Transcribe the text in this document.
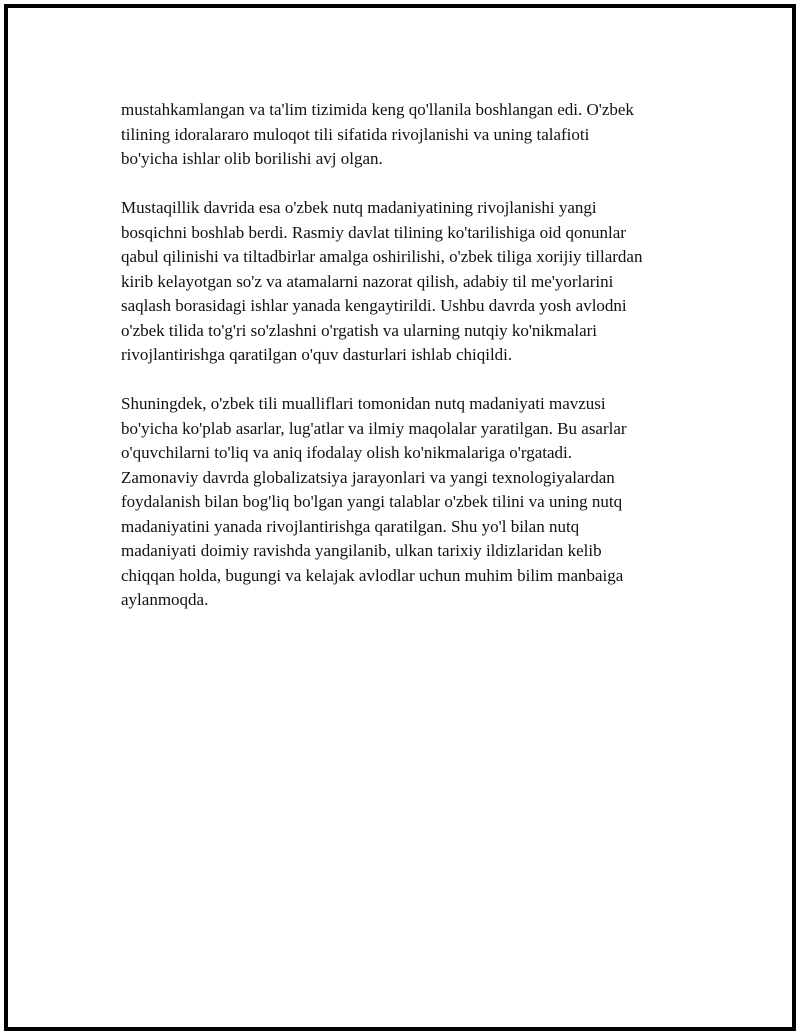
mustahkamlangan va ta'lim tizimida keng qo'llanila boshlangan edi. O'zbek
tilining idoralararo muloqot tili sifatida rivojlanishi va uning talafioti
bo'yicha ishlar olib borilishi avj olgan.

Mustaqillik davrida esa o'zbek nutq madaniyatining rivojlanishi yangi
bosqichni boshlab berdi. Rasmiy davlat tilining ko'tarilishiga oid qonunlar
qabul qilinishi va tiltadbirlar amalga oshirilishi, o'zbek tiliga xorijiy tillardan
kirib kelayotgan so'z va atamalarni nazorat qilish, adabiy til me'yorlarini
saqlash borasidagi ishlar yanada kengaytirildi. Ushbu davrda yosh avlodni
o'zbek tilida to'g'ri so'zlashni o'rgatish va ularning nutqiy ko'nikmalari
rivojlantirishga qaratilgan o'quv dasturlari ishlab chiqildi.

Shuningdek, o'zbek tili mualliflari tomonidan nutq madaniyati mavzusi
bo'yicha ko'plab asarlar, lug'atlar va ilmiy maqolalar yaratilgan. Bu asarlar
o'quvchilarni to'liq va aniq ifodalay olish ko'nikmalariga o'rgatadi.
Zamonaviy davrda globalizatsiya jarayonlari va yangi texnologiyalardan
foydalanish bilan bog'liq bo'lgan yangi talablar o'zbek tilini va uning nutq
madaniyatini yanada rivojlantirishga qaratilgan. Shu yo'l bilan nutq
madaniyati doimiy ravishda yangilanib, ulkan tarixiy ildizlaridan kelib
chiqqan holda, bugungi va kelajak avlodlar uchun muhim bilim manbaiga
aylanmoqda.
